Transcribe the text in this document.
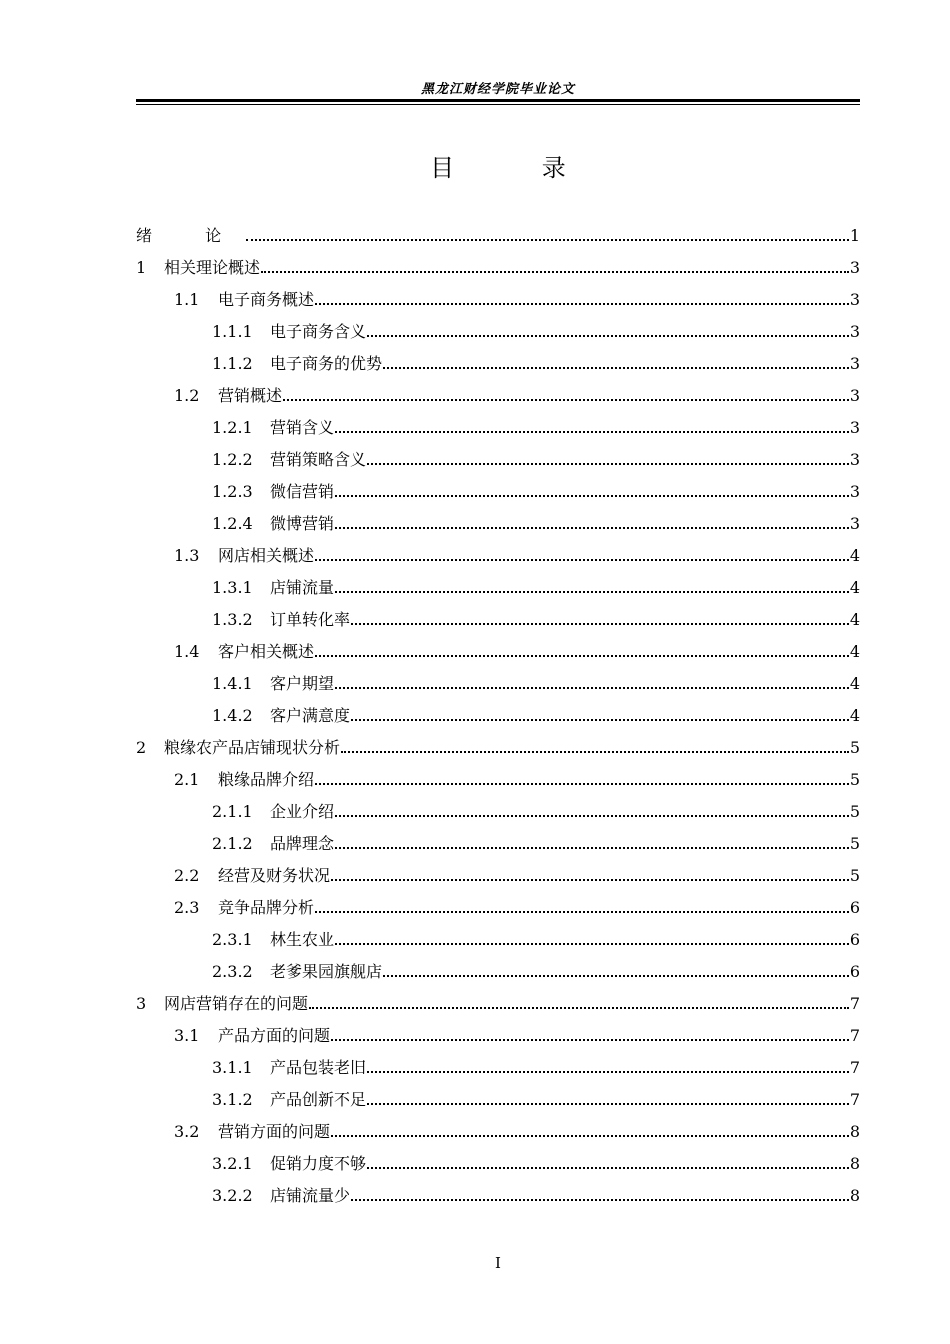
黑龙江财经学院毕业论文
目 录
绪 论	1
1	相关理论概述	3
1.1	电子商务概述	3
1.1.1	电子商务含义	3
1.1.2	电子商务的优势	3
1.2	营销概述	3
1.2.1	营销含义	3
1.2.2	营销策略含义	3
1.2.3	微信营销	3
1.2.4	微博营销	3
1.3	网店相关概述	4
1.3.1	店铺流量	4
1.3.2	订单转化率	4
1.4	客户相关概述	4
1.4.1	客户期望	4
1.4.2	客户满意度	4
2	粮缘农产品店铺现状分析	5
2.1	粮缘品牌介绍	5
2.1.1	企业介绍	5
2.1.2	品牌理念	5
2.2	经营及财务状况	5
2.3	竞争品牌分析	6
2.3.1	林生农业	6
2.3.2	老爹果园旗舰店	6
3	网店营销存在的问题	7
3.1	产品方面的问题	7
3.1.1	产品包装老旧	7
3.1.2	产品创新不足	7
3.2	营销方面的问题	8
3.2.1	促销力度不够	8
3.2.2	店铺流量少	8
I
